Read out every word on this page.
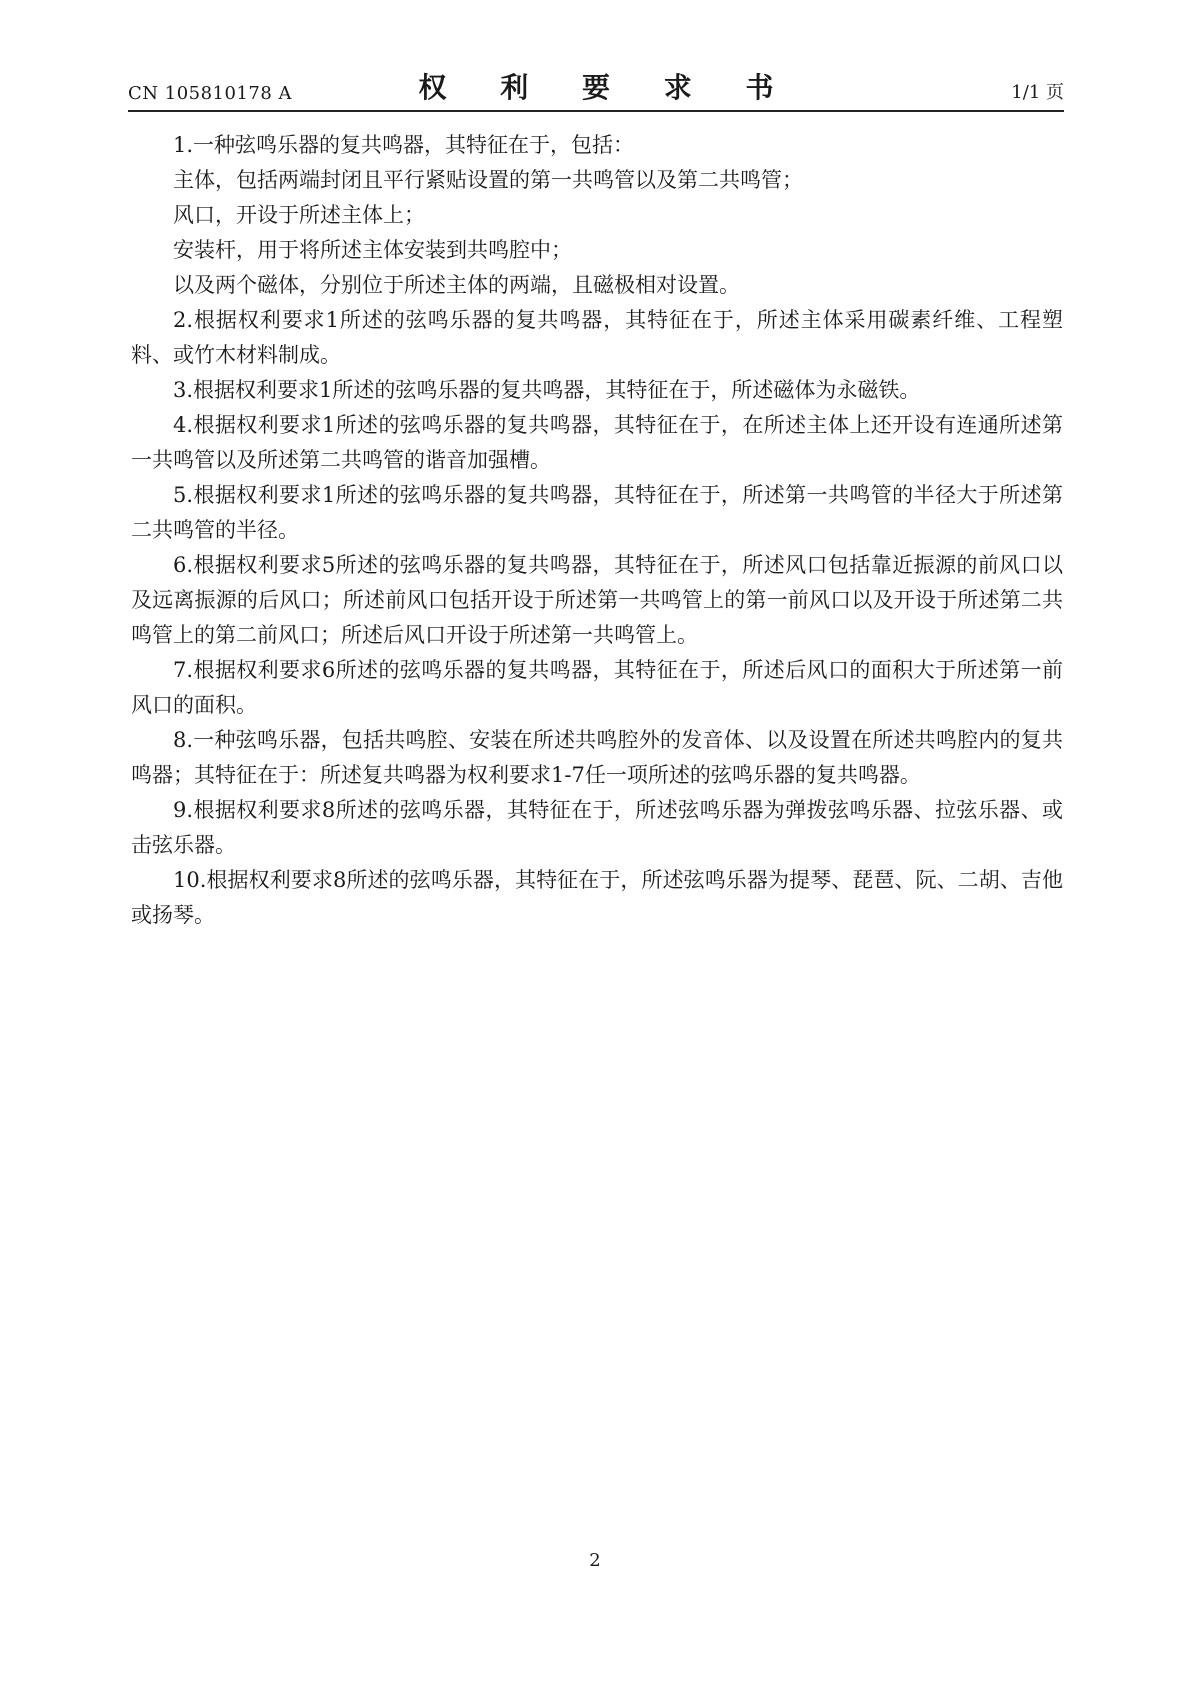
CN 105810178 A	权 利 要 求 书	1/1 页

1.一种弦鸣乐器的复共鸣器，其特征在于，包括：

主体，包括两端封闭且平行紧贴设置的第一共鸣管以及第二共鸣管；

风口，开设于所述主体上；

安装杆，用于将所述主体安装到共鸣腔中；

以及两个磁体，分别位于所述主体的两端，且磁极相对设置。

2.根据权利要求1所述的弦鸣乐器的复共鸣器，其特征在于，所述主体采用碳素纤维、工程塑料、或竹木材料制成。

3.根据权利要求1所述的弦鸣乐器的复共鸣器，其特征在于，所述磁体为永磁铁。

4.根据权利要求1所述的弦鸣乐器的复共鸣器，其特征在于，在所述主体上还开设有连通所述第一共鸣管以及所述第二共鸣管的谐音加强槽。

5.根据权利要求1所述的弦鸣乐器的复共鸣器，其特征在于，所述第一共鸣管的半径大于所述第二共鸣管的半径。

6.根据权利要求5所述的弦鸣乐器的复共鸣器，其特征在于，所述风口包括靠近振源的前风口以及远离振源的后风口；所述前风口包括开设于所述第一共鸣管上的第一前风口以及开设于所述第二共鸣管上的第二前风口；所述后风口开设于所述第一共鸣管上。

7.根据权利要求6所述的弦鸣乐器的复共鸣器，其特征在于，所述后风口的面积大于所述第一前风口的面积。

8.一种弦鸣乐器，包括共鸣腔、安装在所述共鸣腔外的发音体、以及设置在所述共鸣腔内的复共鸣器；其特征在于：所述复共鸣器为权利要求1-7任一项所述的弦鸣乐器的复共鸣器。

9.根据权利要求8所述的弦鸣乐器，其特征在于，所述弦鸣乐器为弹拨弦鸣乐器、拉弦乐器、或击弦乐器。

10.根据权利要求8所述的弦鸣乐器，其特征在于，所述弦鸣乐器为提琴、琵琶、阮、二胡、吉他或扬琴。

2
